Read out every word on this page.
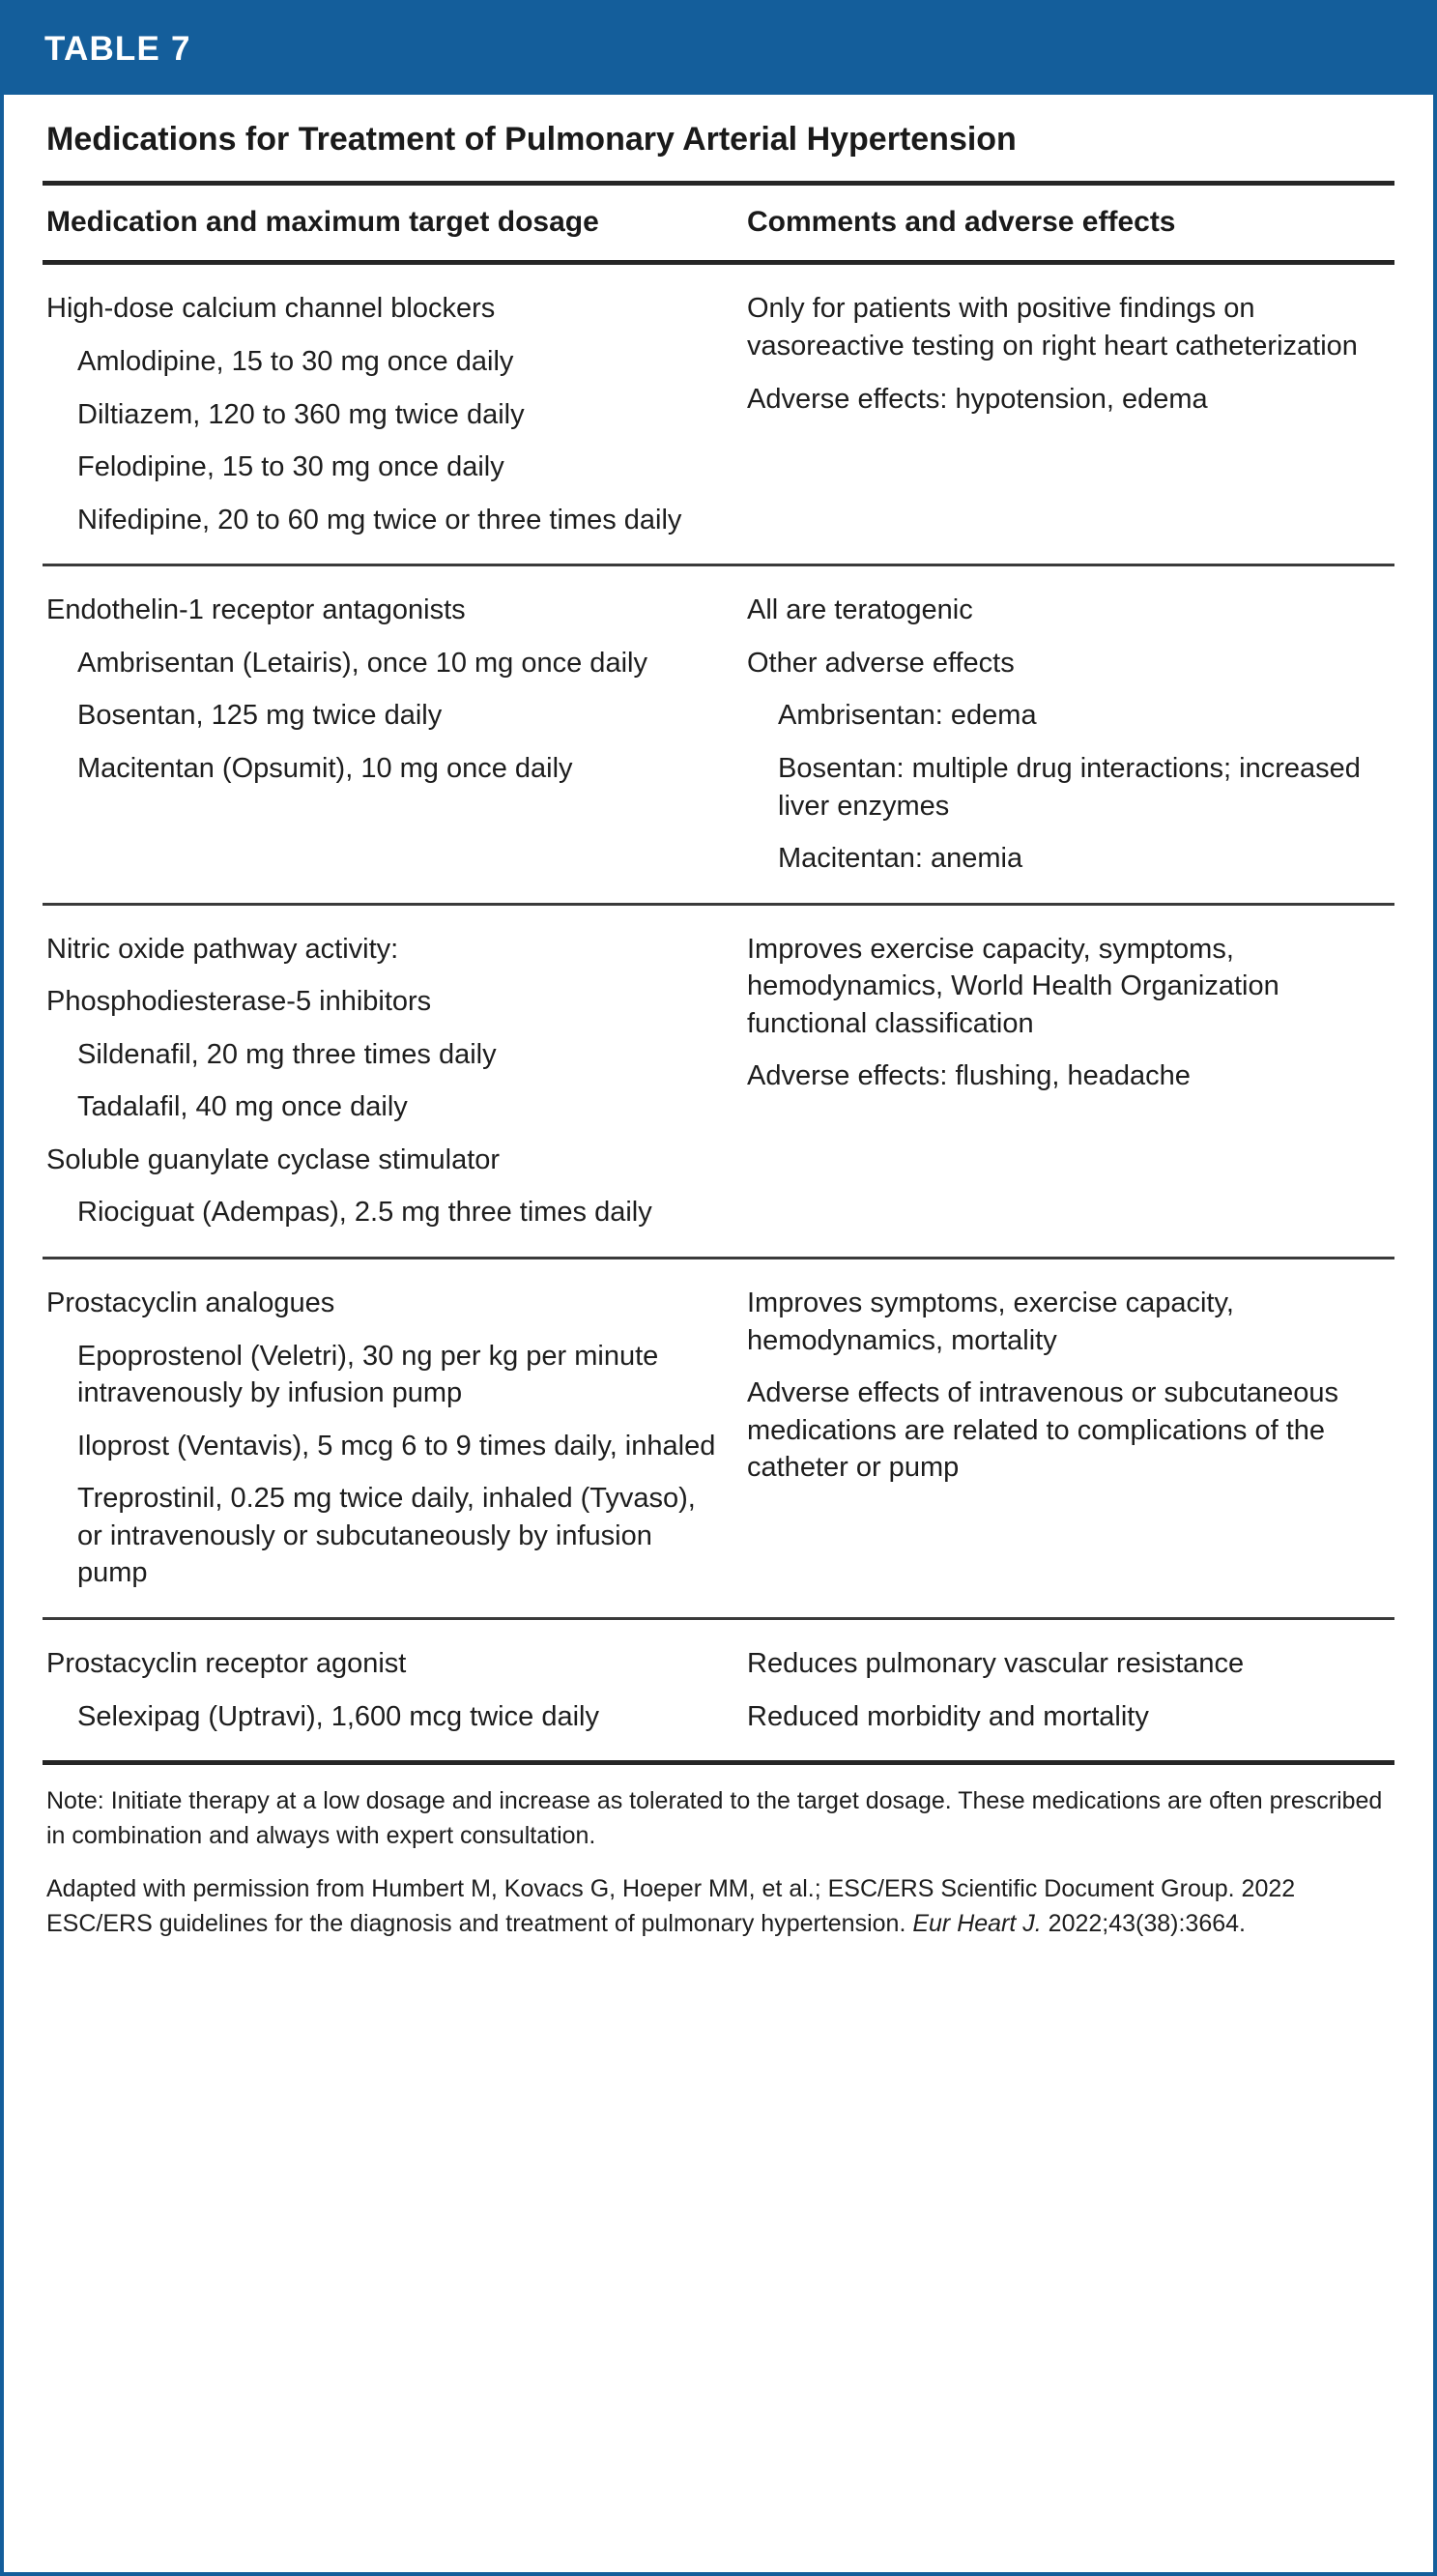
TABLE 7
Medications for Treatment of Pulmonary Arterial Hypertension
Medication and maximum target dosage	Comments and adverse effects
High-dose calcium channel blockers
Amlodipine, 15 to 30 mg once daily
Diltiazem, 120 to 360 mg twice daily
Felodipine, 15 to 30 mg once daily
Nifedipine, 20 to 60 mg twice or three times daily
Only for patients with positive findings on vasoreactive testing on right heart catheterization
Adverse effects: hypotension, edema
Endothelin-1 receptor antagonists
Ambrisentan (Letairis), once 10 mg once daily
Bosentan, 125 mg twice daily
Macitentan (Opsumit), 10 mg once daily
All are teratogenic
Other adverse effects
Ambrisentan: edema
Bosentan: multiple drug interactions; increased liver enzymes
Macitentan: anemia
Nitric oxide pathway activity:
Phosphodiesterase-5 inhibitors
Sildenafil, 20 mg three times daily
Tadalafil, 40 mg once daily
Soluble guanylate cyclase stimulator
Riociguat (Adempas), 2.5 mg three times daily
Improves exercise capacity, symptoms, hemodynamics, World Health Organization functional classification
Adverse effects: flushing, headache
Prostacyclin analogues
Epoprostenol (Veletri), 30 ng per kg per minute intravenously by infusion pump
Iloprost (Ventavis), 5 mcg 6 to 9 times daily, inhaled
Treprostinil, 0.25 mg twice daily, inhaled (Tyvaso), or intravenously or subcutaneously by infusion pump
Improves symptoms, exercise capacity, hemodynamics, mortality
Adverse effects of intravenous or subcutaneous medications are related to complications of the catheter or pump
Prostacyclin receptor agonist
Selexipag (Uptravi), 1,600 mcg twice daily
Reduces pulmonary vascular resistance
Reduced morbidity and mortality
Note: Initiate therapy at a low dosage and increase as tolerated to the target dosage. These medications are often prescribed in combination and always with expert consultation.
Adapted with permission from Humbert M, Kovacs G, Hoeper MM, et al.; ESC/ERS Scientific Document Group. 2022 ESC/ERS guidelines for the diagnosis and treatment of pulmonary hypertension. Eur Heart J. 2022;43(38):3664.
